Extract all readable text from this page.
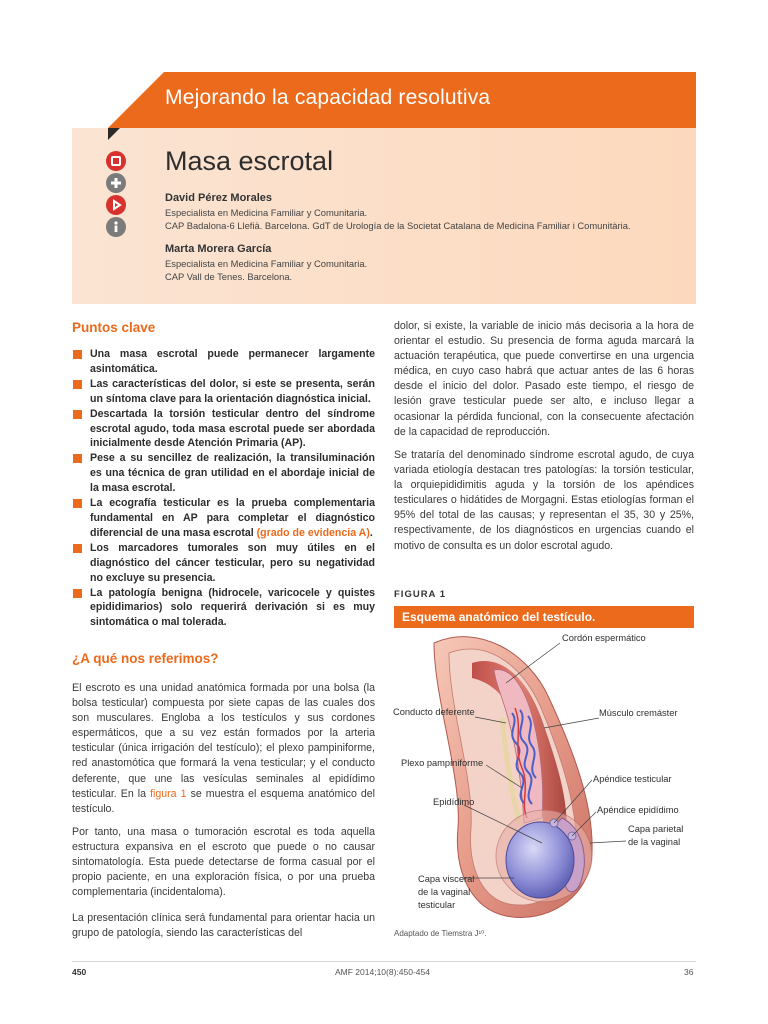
Mejorando la capacidad resolutiva
Masa escrotal
David Pérez Morales
Especialista en Medicina Familiar y Comunitaria.
CAP Badalona-6 Llefià. Barcelona. GdT de Urología de la Societat Catalana de Medicina Familiar i Comunitària.
Marta Morera García
Especialista en Medicina Familiar y Comunitaria.
CAP Vall de Tenes. Barcelona.
Puntos clave
Una masa escrotal puede permanecer largamente asintomática.
Las características del dolor, si este se presenta, serán un síntoma clave para la orientación diagnóstica inicial.
Descartada la torsión testicular dentro del síndrome escrotal agudo, toda masa escrotal puede ser abordada inicialmente desde Atención Primaria (AP).
Pese a su sencillez de realización, la transiluminación es una técnica de gran utilidad en el abordaje inicial de la masa escrotal.
La ecografía testicular es la prueba complementaria fundamental en AP para completar el diagnóstico diferencial de una masa escrotal (grado de evidencia A).
Los marcadores tumorales son muy útiles en el diagnóstico del cáncer testicular, pero su negatividad no excluye su presencia.
La patología benigna (hidrocele, varicocele y quistes epididimarios) solo requerirá derivación si es muy sintomática o mal tolerada.
¿A qué nos referimos?
El escroto es una unidad anatómica formada por una bolsa (la bolsa testicular) compuesta por siete capas de las cuales dos son musculares. Engloba a los testículos y sus cordones espermáticos, que a su vez están formados por la arteria testicular (única irrigación del testículo); el plexo pampiniforme, red anastomótica que formará la vena testicular; y el conducto deferente, que une las vesículas seminales al epidídimo testicular. En la figura 1 se muestra el esquema anatómico del testículo.
Por tanto, una masa o tumoración escrotal es toda aquella estructura expansiva en el escroto que puede o no causar sintomatología. Esta puede detectarse de forma casual por el propio paciente, en una exploración física, o por una prueba complementaria (incidentaloma).
La presentación clínica será fundamental para orientar hacia un grupo de patología, siendo las características del
dolor, si existe, la variable de inicio más decisoria a la hora de orientar el estudio. Su presencia de forma aguda marcará la actuación terapéutica, que puede convertirse en una urgencia médica, en cuyo caso habrá que actuar antes de las 6 horas desde el inicio del dolor. Pasado este tiempo, el riesgo de lesión grave testicular puede ser alto, e incluso llegar a ocasionar la pérdida funcional, con la consecuente afectación de la capacidad de reproducción.
Se trataría del denominado síndrome escrotal agudo, de cuya variada etiología destacan tres patologías: la torsión testicular, la orquiepididimitis aguda y la torsión de los apéndices testiculares o hidátides de Morgagni. Estas etiologías forman el 95% del total de las causas; y representan el 35, 30 y 25%, respectivamente, de los diagnósticos en urgencias cuando el motivo de consulta es un dolor escrotal agudo.
FIGURA 1
Esquema anatómico del testículo.
Cordón espermático
Conducto deferente	Músculo cremáster
Plexo pampiniforme
Apéndice testicular
Epidídimo
Apéndice epidídimo
Capa parietal
de la vaginal
Capa visceral
de la vaginal
testicular
Adaptado de Tiemstra J¹⁰.
450	AMF 2014;10(8):450-454	36
